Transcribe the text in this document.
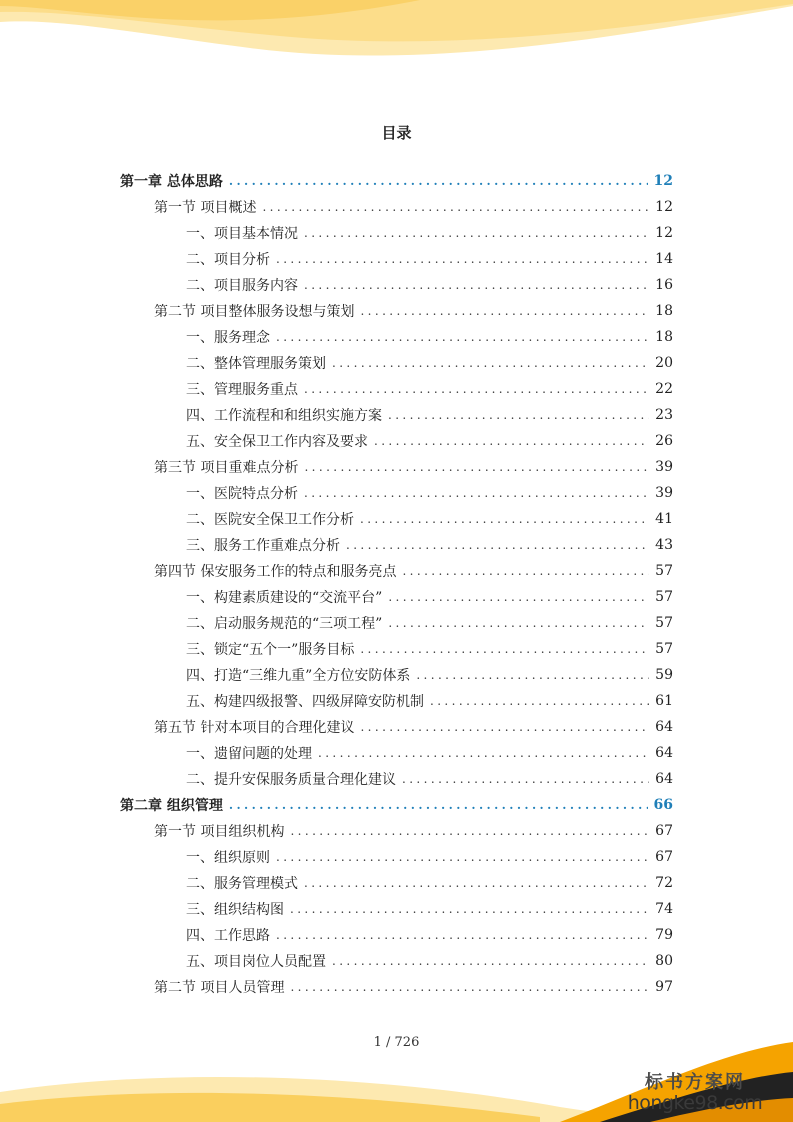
目录
第一章 总体思路 .....	12
第一节 项目概述 .....	12
一、项目基本情况 .....	12
二、项目分析 .....	14
二、项目服务内容 .....	16
第二节 项目整体服务设想与策划 .....	18
一、服务理念 .....	18
二、整体管理服务策划 .....	20
三、管理服务重点 .....	22
四、工作流程和和组织实施方案 .....	23
五、安全保卫工作内容及要求 .....	26
第三节 项目重难点分析 .....	39
一、医院特点分析 .....	39
二、医院安全保卫工作分析 .....	41
三、服务工作重难点分析 .....	43
第四节 保安服务工作的特点和服务亮点 .....	57
一、构建素质建设的“交流平台” .....	57
二、启动服务规范的“三项工程” .....	57
三、锁定“五个一”服务目标 .....	57
四、打造“三维九重”全方位安防体系 .....	59
五、构建四级报警、四级屏障安防机制 .....	61
第五节 针对本项目的合理化建议 .....	64
一、遗留问题的处理 .....	64
二、提升安保服务质量合理化建议 .....	64
第二章 组织管理 .....	66
第一节 项目组织机构 .....	67
一、组织原则 .....	67
二、服务管理模式 .....	72
三、组织结构图 .....	74
四、工作思路 .....	79
五、项目岗位人员配置 .....	80
第二节 项目人员管理 .....	97
1 / 726
标书方案网
hongke98.com
